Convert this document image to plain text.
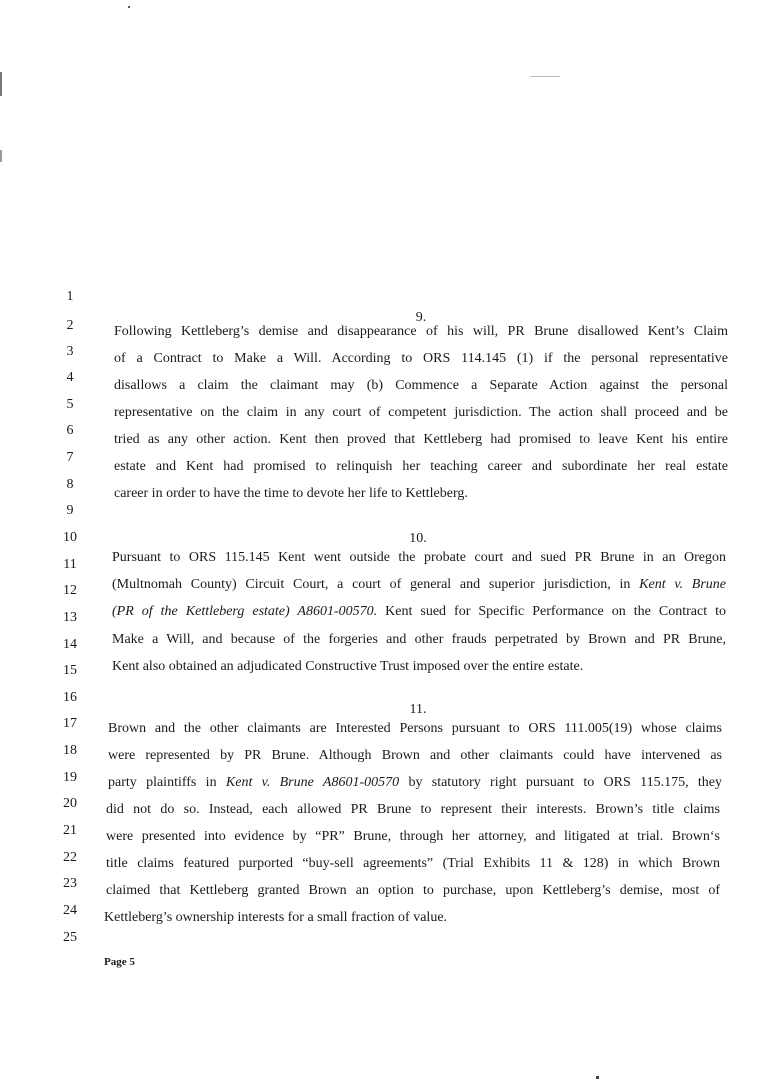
1
2
3
4
5
6
7
8
9
10
11
12
13
14
15
16
17
18
19
20
21
22
23
24
25
9.
Following Kettleberg’s demise and disappearance of his will, PR Brune disallowed Kent’s Claim
of a Contract to Make a Will. According to ORS 114.145 (1) if the personal representative
disallows a claim the claimant may (b) Commence a Separate Action against the personal
representative on the claim in any court of competent jurisdiction. The action shall proceed and be
tried as any other action. Kent then proved that Kettleberg had promised to leave Kent his entire
estate and Kent had promised to relinquish her teaching career and subordinate her real estate
career in order to have the time to devote her life to Kettleberg.
10.
Pursuant to ORS 115.145 Kent went outside the probate court and sued PR Brune in an Oregon
(Multnomah County) Circuit Court, a court of general and superior jurisdiction, in Kent v. Brune
(PR of the Kettleberg estate) A8601-00570. Kent sued for Specific Performance on the Contract to
Make a Will, and because of the forgeries and other frauds perpetrated by Brown and PR Brune,
Kent also obtained an adjudicated Constructive Trust imposed over the entire estate.
11.
Brown and the other claimants are Interested Persons pursuant to ORS 111.005(19) whose claims
were represented by PR Brune. Although Brown and other claimants could have intervened as
party plaintiffs in Kent v. Brune A8601-00570 by statutory right pursuant to ORS 115.175, they
did not do so. Instead, each allowed PR Brune to represent their interests. Brown’s title claims
were presented into evidence by “PR” Brune, through her attorney, and litigated at trial. Brown‘s
title claims featured purported “buy-sell agreements” (Trial Exhibits 11 & 128) in which Brown
claimed that Kettleberg granted Brown an option to purchase, upon Kettleberg’s demise, most of
Kettleberg’s ownership interests for a small fraction of value.
Page 5
